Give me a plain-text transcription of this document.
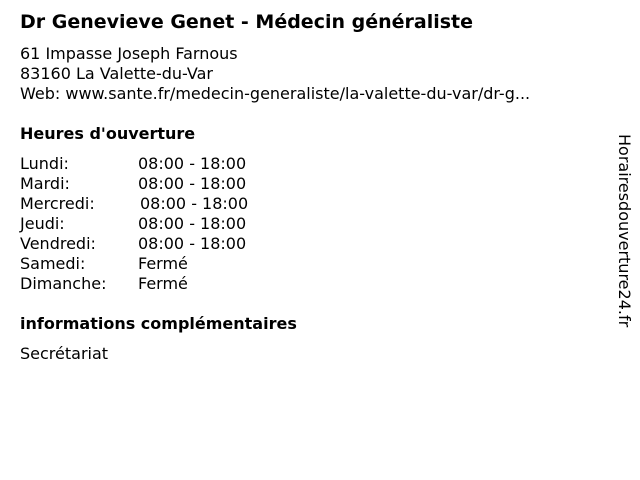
Dr Genevieve Genet - Médecin généraliste
61 Impasse Joseph Farnous
83160 La Valette-du-Var
Web: www.sante.fr/medecin-generaliste/la-valette-du-var/dr-g...
Heures d'ouverture
Lundi:	08:00 - 18:00
Mardi:	08:00 - 18:00
Mercredi:	08:00 - 18:00
Jeudi:	08:00 - 18:00
Vendredi:	08:00 - 18:00
Samedi:	Fermé
Dimanche: Fermé
informations complémentaires
Secrétariat
Horairesdouverture24.fr
